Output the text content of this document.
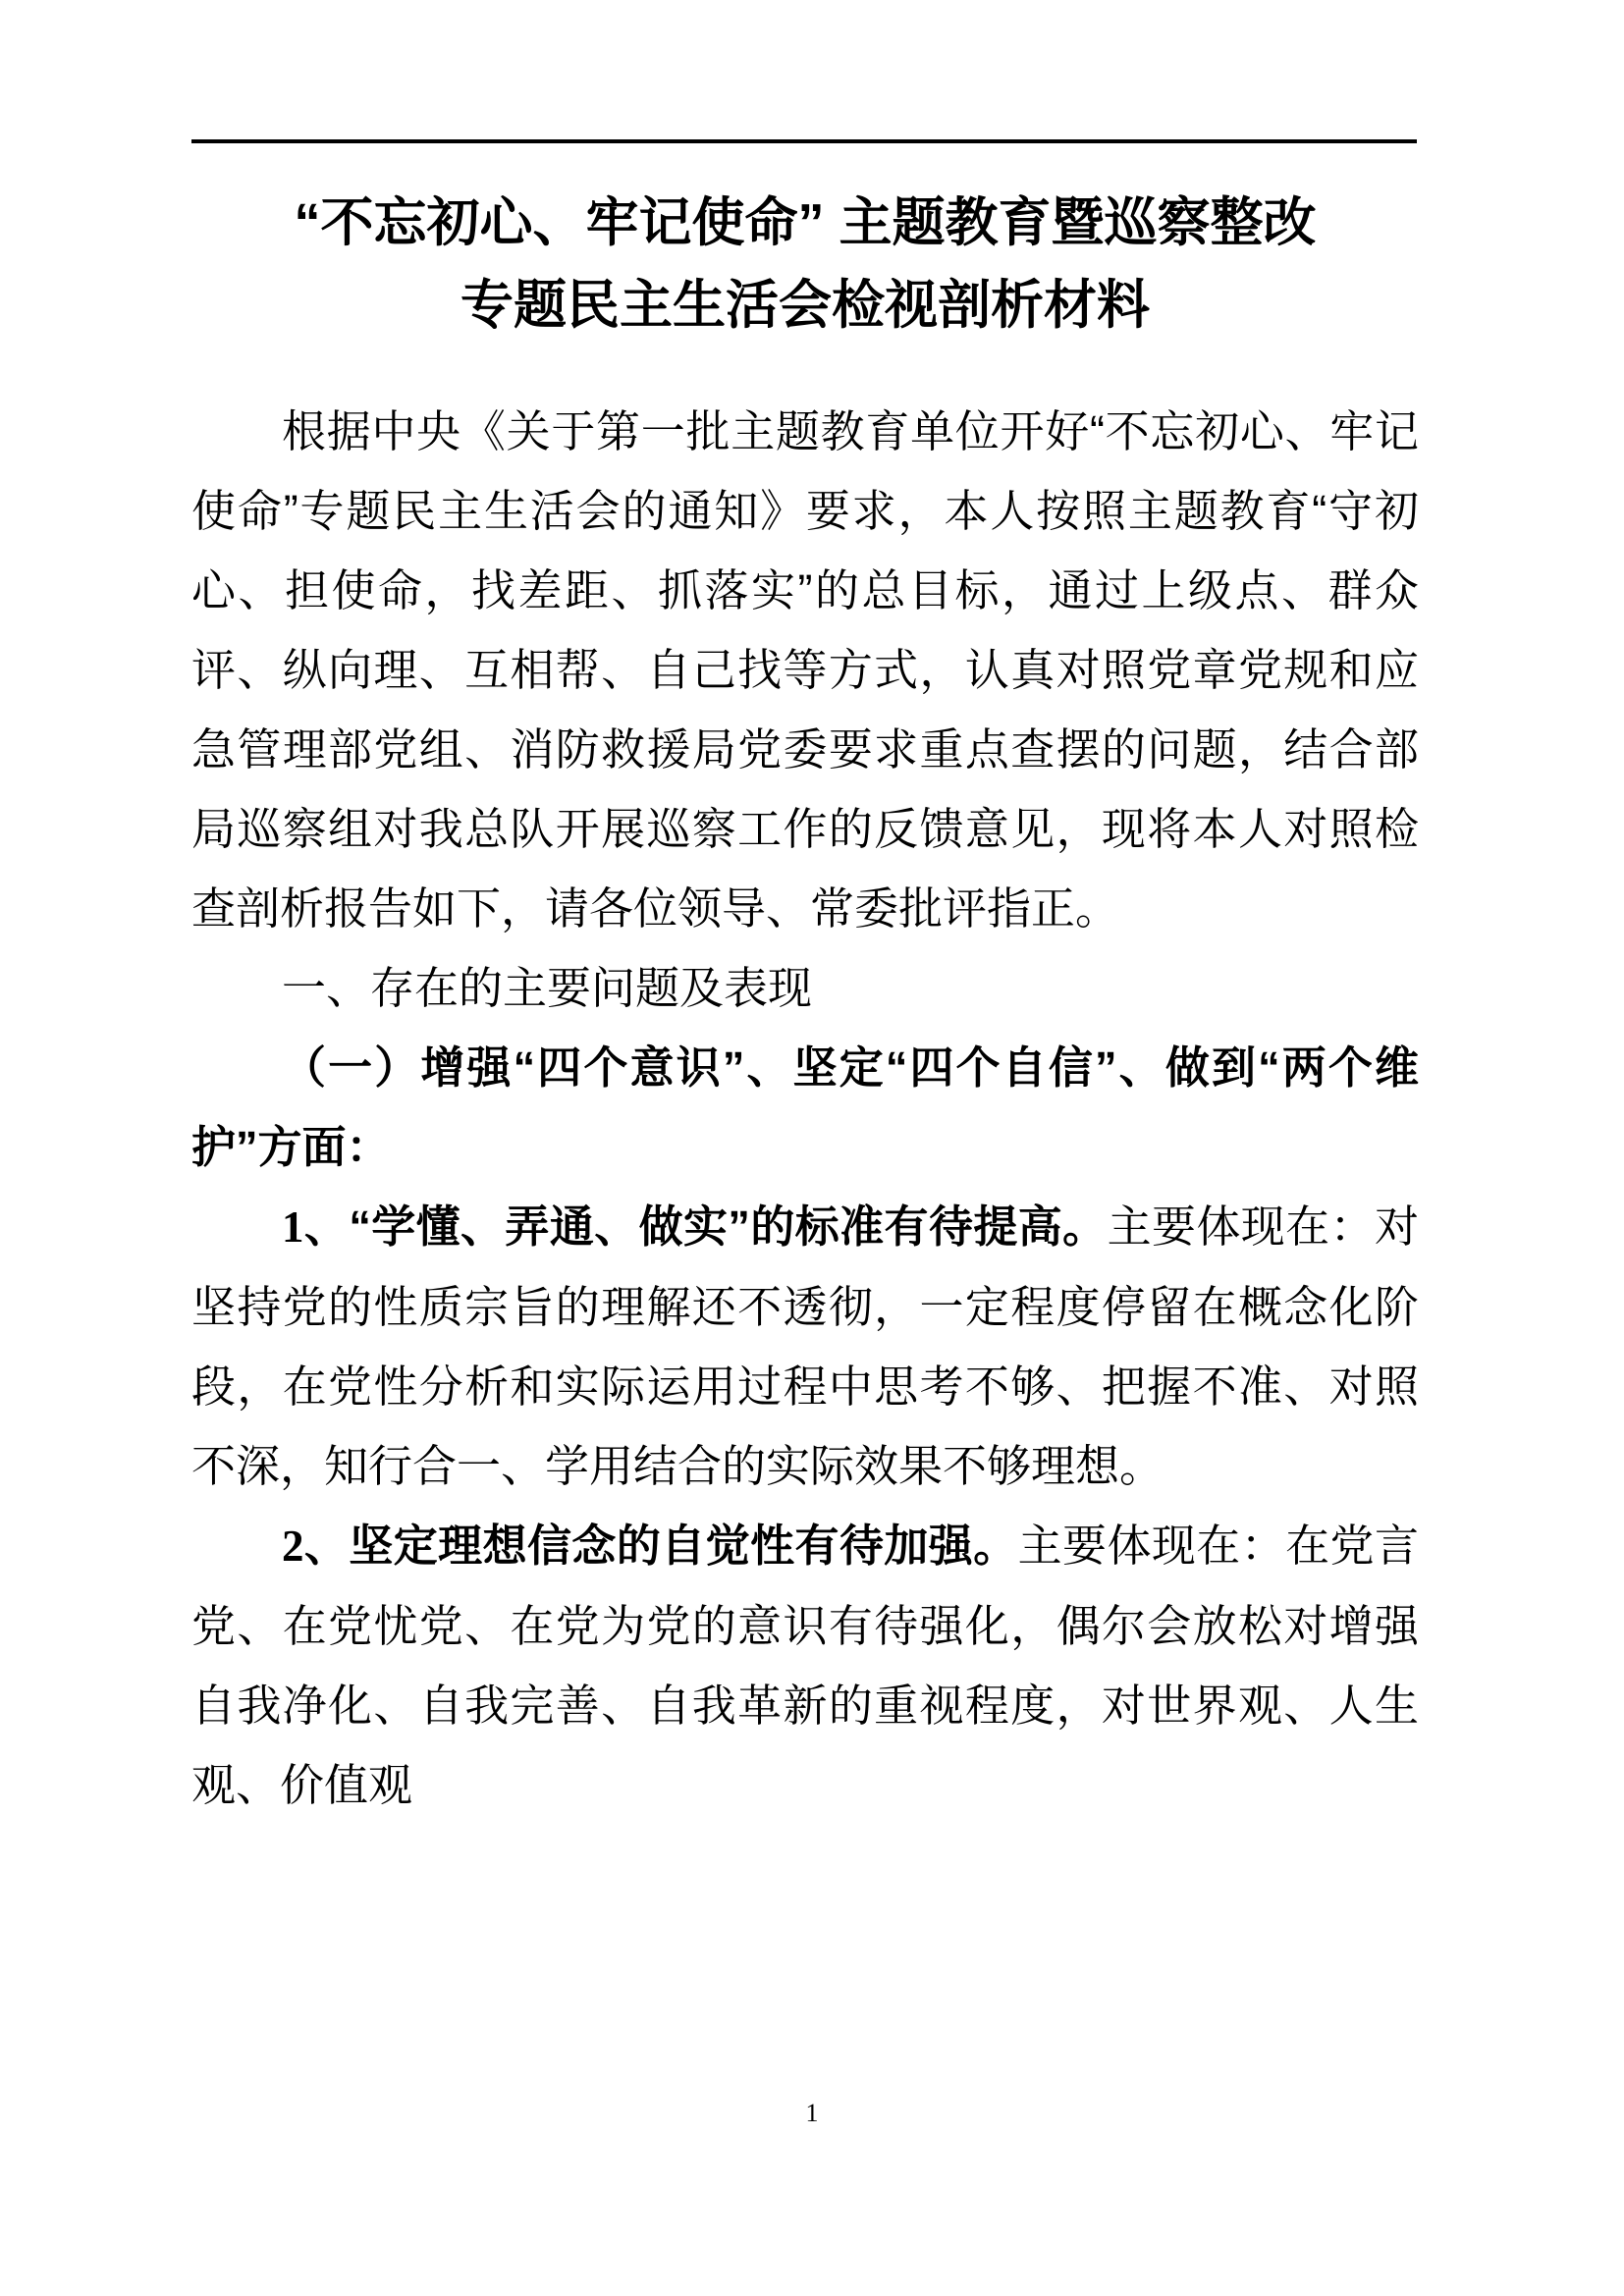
“不忘初心、牢记使命” 主题教育暨巡察整改
专题民主生活会检视剖析材料

根据中央《关于第一批主题教育单位开好“不忘初心、牢记使命”专题民主生活会的通知》要求，本人按照主题教育“守初心、担使命，找差距、抓落实”的总目标，通过上级点、群众评、纵向理、互相帮、自己找等方式，认真对照党章党规和应急管理部党组、消防救援局党委要求重点查摆的问题，结合部局巡察组对我总队开展巡察工作的反馈意见，现将本人对照检查剖析报告如下，请各位领导、常委批评指正。

一、存在的主要问题及表现

（一）增强“四个意识”、坚定“四个自信”、做到“两个维护”方面：

1、“学懂、弄通、做实”的标准有待提高。主要体现在：对坚持党的性质宗旨的理解还不透彻，一定程度停留在概念化阶段，在党性分析和实际运用过程中思考不够、把握不准、对照不深，知行合一、学用结合的实际效果不够理想。

2、坚定理想信念的自觉性有待加强。主要体现在：在党言党、在党忧党、在党为党的意识有待强化，偶尔会放松对增强自我净化、自我完善、自我革新的重视程度，对世界观、人生观、价值观

1
